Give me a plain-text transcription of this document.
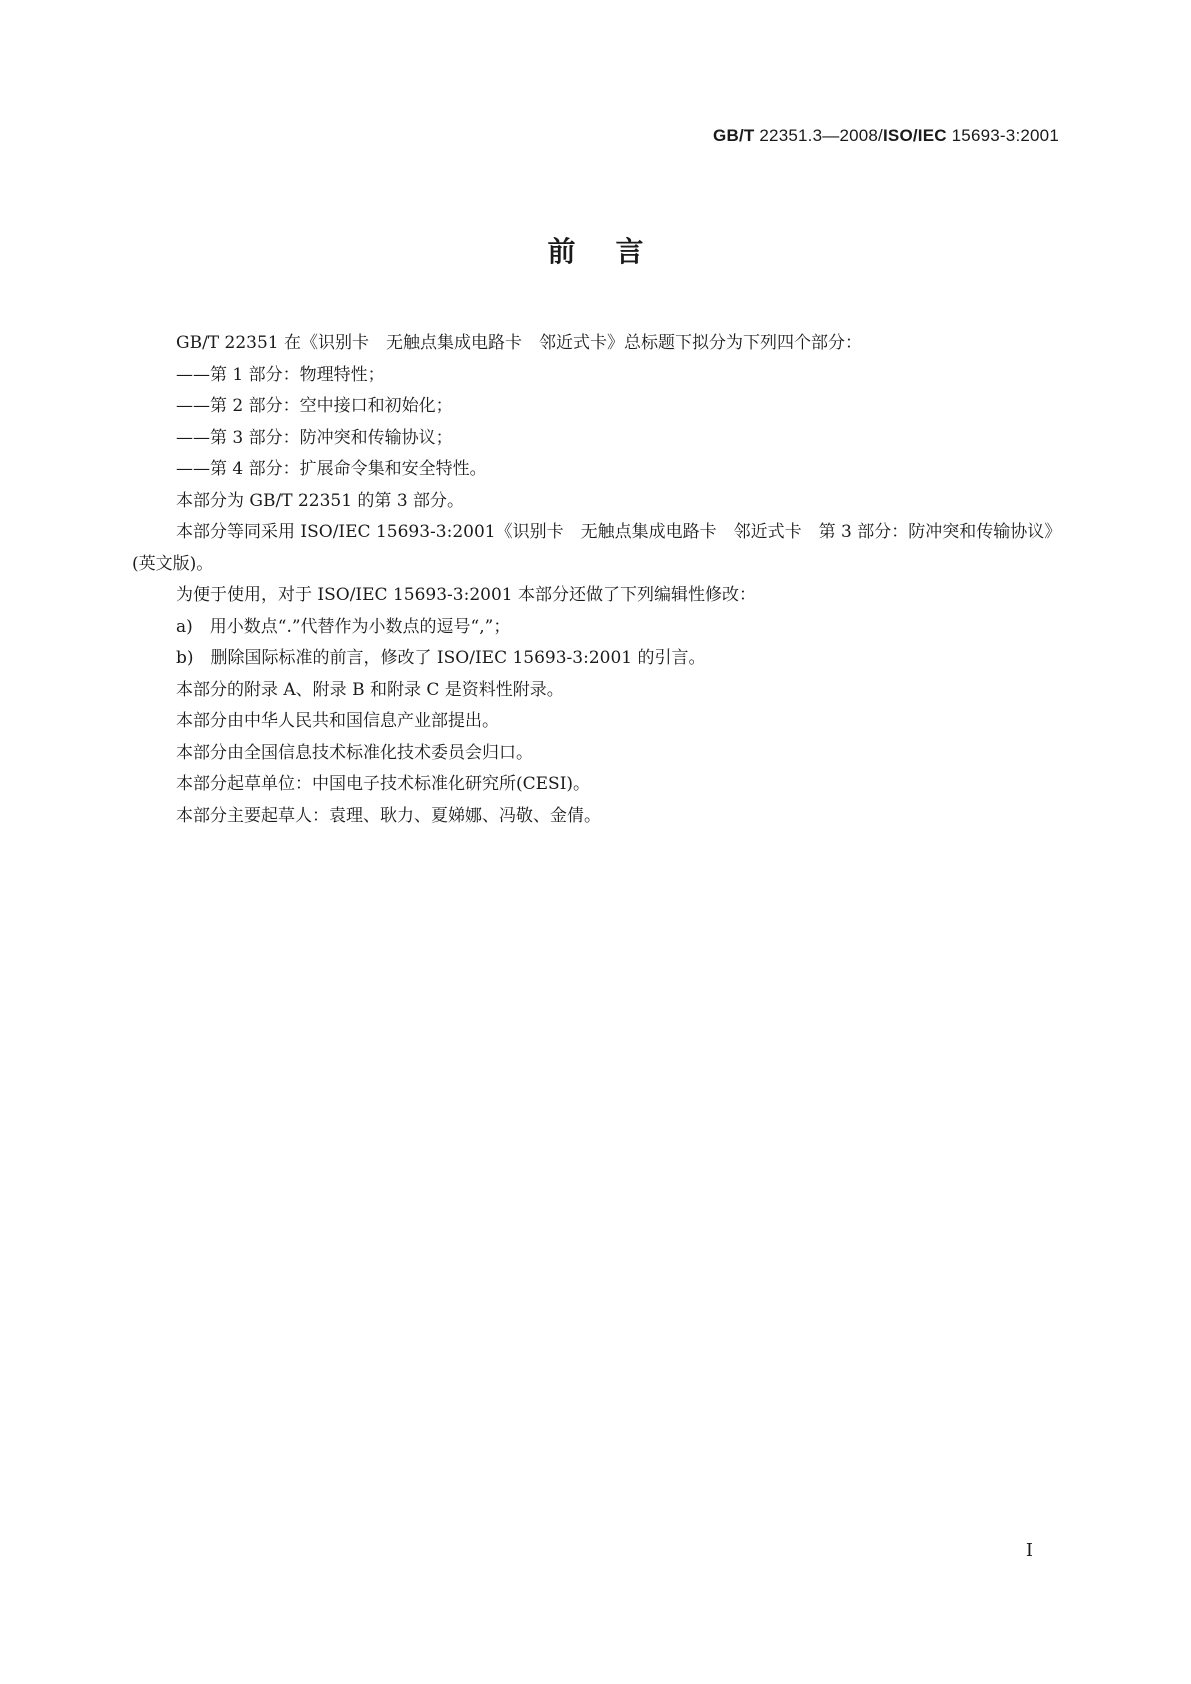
GB/T 22351.3—2008/ISO/IEC 15693-3:2001
前言

GB/T 22351 在《识别卡　无触点集成电路卡　邻近式卡》总标题下拟分为下列四个部分：

——第 1 部分：物理特性；

——第 2 部分：空中接口和初始化；

——第 3 部分：防冲突和传输协议；

——第 4 部分：扩展命令集和安全特性。

本部分为 GB/T 22351 的第 3 部分。

本部分等同采用 ISO/IEC 15693-3:2001《识别卡　无触点集成电路卡　邻近式卡　第 3 部分：防冲突和传输协议》(英文版)。

为便于使用，对于 ISO/IEC 15693-3:2001 本部分还做了下列编辑性修改：

a)　用小数点“.”代替作为小数点的逗号“,”；

b)　删除国际标准的前言，修改了 ISO/IEC 15693-3:2001 的引言。

本部分的附录 A、附录 B 和附录 C 是资料性附录。

本部分由中华人民共和国信息产业部提出。

本部分由全国信息技术标准化技术委员会归口。

本部分起草单位：中国电子技术标准化研究所(CESI)。

本部分主要起草人：袁理、耿力、夏娣娜、冯敬、金倩。

I
